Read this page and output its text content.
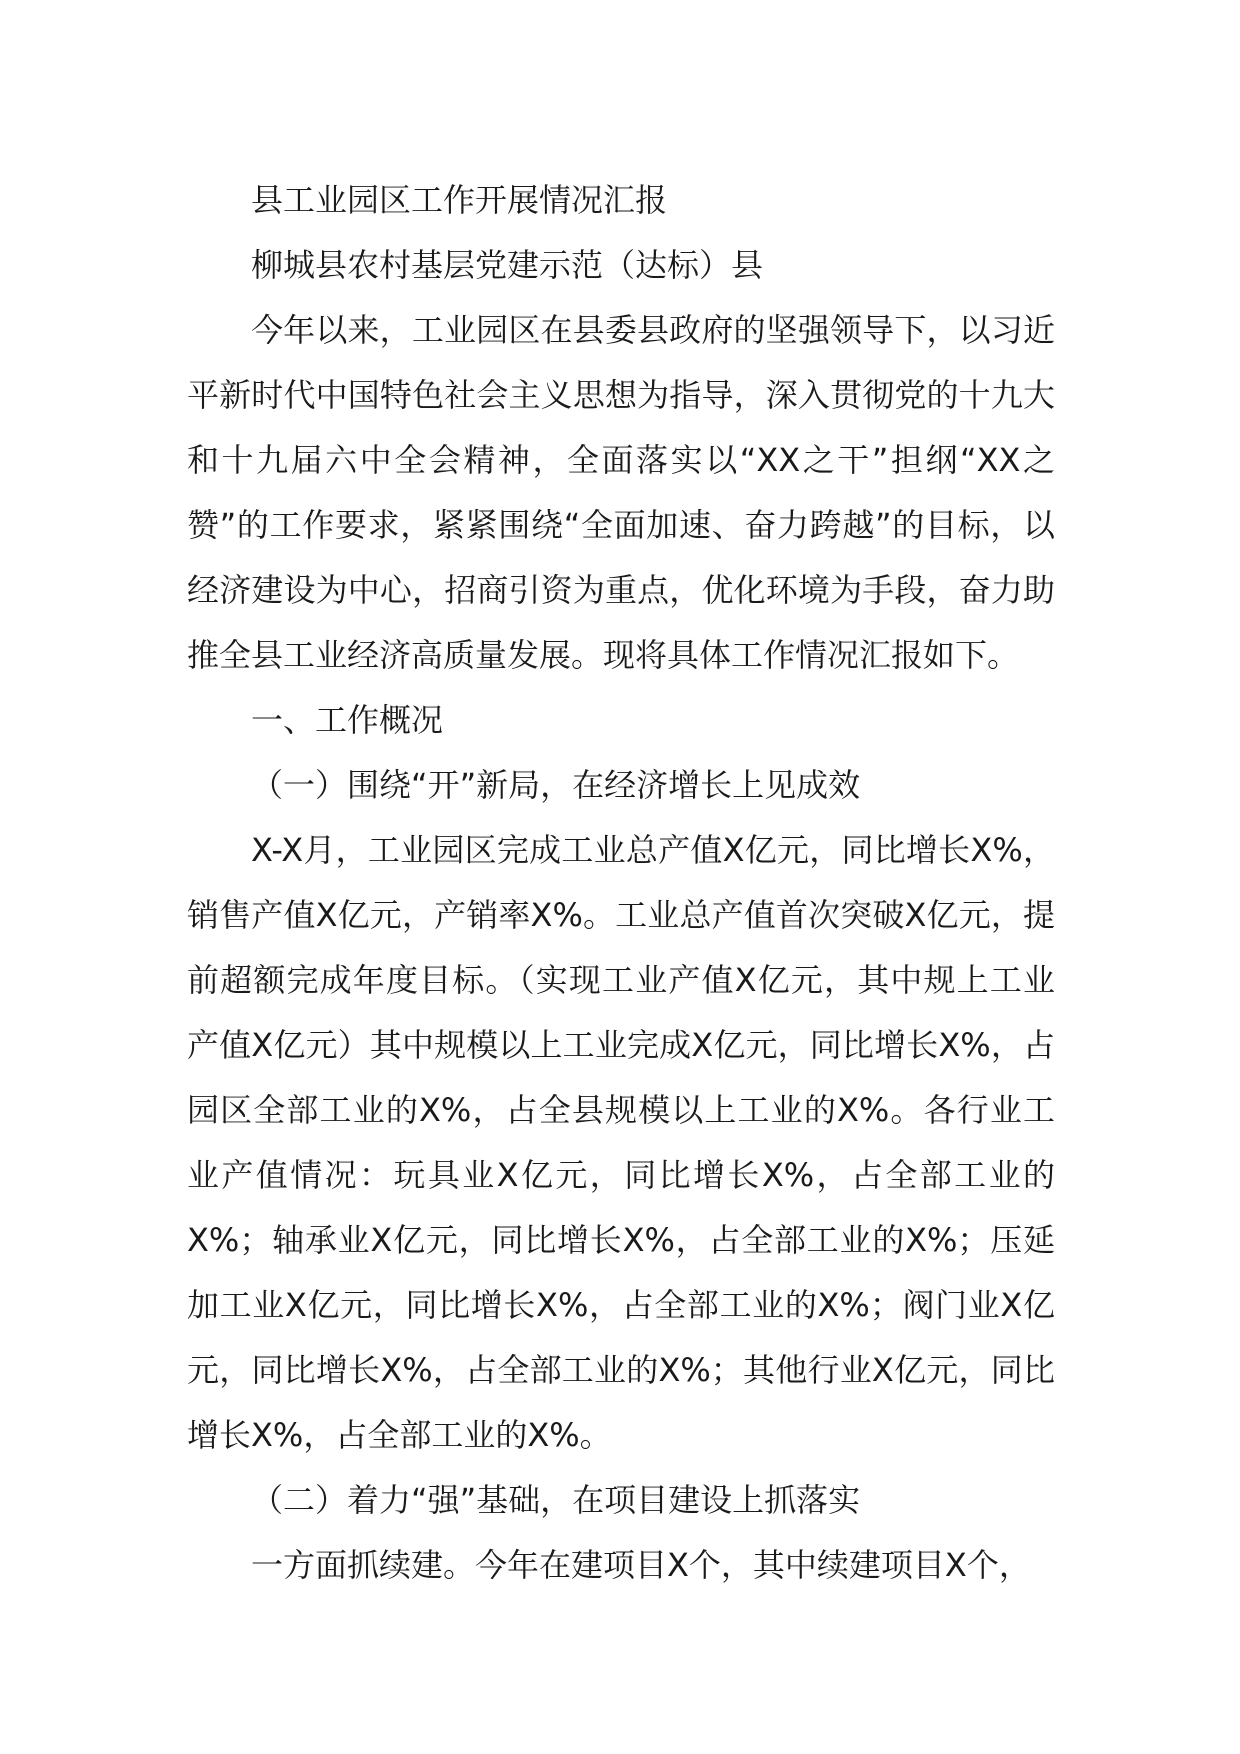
县工业园区工作开展情况汇报

柳城县农村基层党建示范（达标）县

今年以来，工业园区在县委县政府的坚强领导下，以习近平新时代中国特色社会主义思想为指导，深入贯彻党的十九大和十九届六中全会精神，全面落实以“XX之干”担纲“XX之赞”的工作要求，紧紧围绕“全面加速、奋力跨越”的目标，以经济建设为中心，招商引资为重点，优化环境为手段，奋力助推全县工业经济高质量发展。现将具体工作情况汇报如下。

一、工作概况

（一）围绕“开”新局，在经济增长上见成效

X-X月，工业园区完成工业总产值X亿元，同比增长X%，销售产值X亿元，产销率X%。工业总产值首次突破X亿元，提前超额完成年度目标。（实现工业产值X亿元，其中规上工业产值X亿元）其中规模以上工业完成X亿元，同比增长X%，占园区全部工业的X%，占全县规模以上工业的X%。各行业工业产值情况：玩具业X亿元，同比增长X%，占全部工业的X%；轴承业X亿元，同比增长X%，占全部工业的X%；压延加工业X亿元，同比增长X%，占全部工业的X%；阀门业X亿元，同比增长X%，占全部工业的X%；其他行业X亿元，同比增长X%，占全部工业的X%。

（二）着力“强”基础，在项目建设上抓落实

一方面抓续建。今年在建项目X个，其中续建项目X个，
